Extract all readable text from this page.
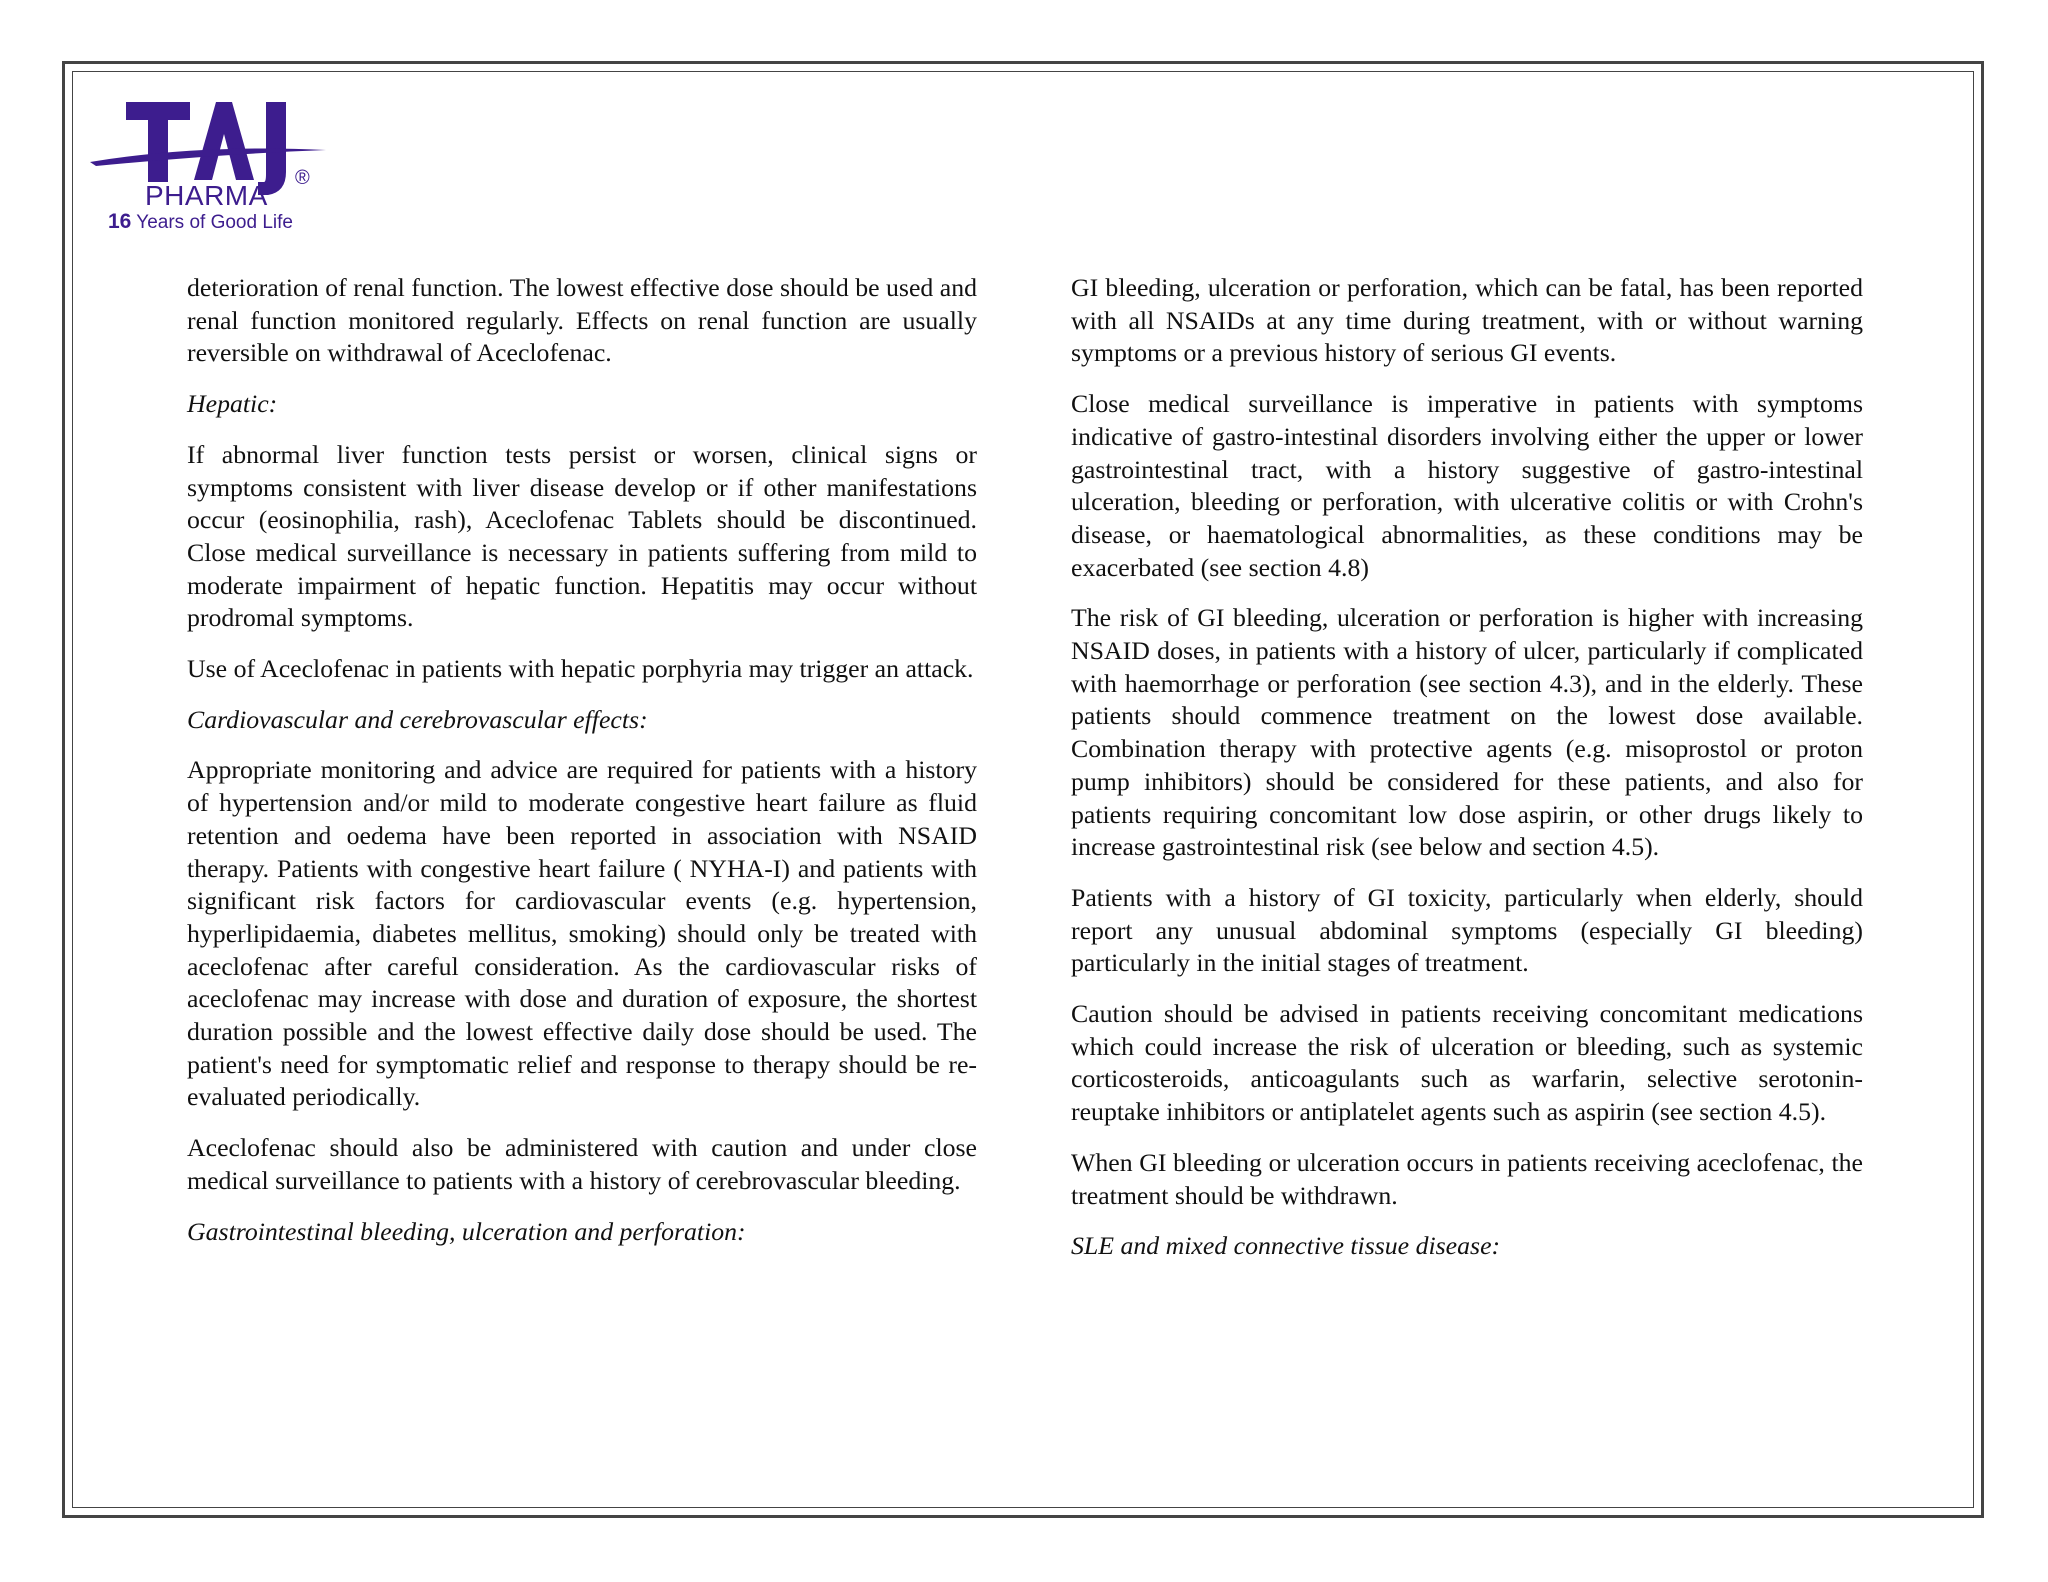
PHARMA
®
16 Years of Good Life

deterioration of renal function. The lowest effective dose should be used and renal function monitored regularly. Effects on renal function are usually reversible on withdrawal of Aceclofenac.

Hepatic:

If abnormal liver function tests persist or worsen, clinical signs or symptoms consistent with liver disease develop or if other manifestations occur (eosinophilia, rash), Aceclofenac Tablets should be discontinued. Close medical surveillance is necessary in patients suffering from mild to moderate impairment of hepatic function. Hepatitis may occur without prodromal symptoms.

Use of Aceclofenac in patients with hepatic porphyria may trigger an attack.

Cardiovascular and cerebrovascular effects:

Appropriate monitoring and advice are required for patients with a history of hypertension and/or mild to moderate congestive heart failure as fluid retention and oedema have been reported in association with NSAID therapy. Patients with congestive heart failure ( NYHA-I) and patients with significant risk factors for cardiovascular events (e.g. hypertension, hyperlipidaemia, diabetes mellitus, smoking) should only be treated with aceclofenac after careful consideration. As the cardiovascular risks of aceclofenac may increase with dose and duration of exposure, the shortest duration possible and the lowest effective daily dose should be used. The patient's need for symptomatic relief and response to therapy should be re- evaluated periodically.

Aceclofenac should also be administered with caution and under close medical surveillance to patients with a history of cerebrovascular bleeding.

Gastrointestinal bleeding, ulceration and perforation:

GI bleeding, ulceration or perforation, which can be fatal, has been reported with all NSAIDs at any time during treatment, with or without warning symptoms or a previous history of serious GI events.

Close medical surveillance is imperative in patients with symptoms indicative of gastro-intestinal disorders involving either the upper or lower gastrointestinal tract, with a history suggestive of gastro-intestinal ulceration, bleeding or perforation, with ulcerative colitis or with Crohn's disease, or haematological abnormalities, as these conditions may be exacerbated (see section 4.8)

The risk of GI bleeding, ulceration or perforation is higher with increasing NSAID doses, in patients with a history of ulcer, particularly if complicated with haemorrhage or perforation (see section 4.3), and in the elderly. These patients should commence treatment on the lowest dose available. Combination therapy with protective agents (e.g. misoprostol or proton pump inhibitors) should be considered for these patients, and also for patients requiring concomitant low dose aspirin, or other drugs likely to increase gastrointestinal risk (see below and section 4.5).

Patients with a history of GI toxicity, particularly when elderly, should report any unusual abdominal symptoms (especially GI bleeding) particularly in the initial stages of treatment.

Caution should be advised in patients receiving concomitant medications which could increase the risk of ulceration or bleeding, such as systemic corticosteroids, anticoagulants such as warfarin, selective serotonin-reuptake inhibitors or antiplatelet agents such as aspirin (see section 4.5).

When GI bleeding or ulceration occurs in patients receiving aceclofenac, the treatment should be withdrawn.

SLE and mixed connective tissue disease:
